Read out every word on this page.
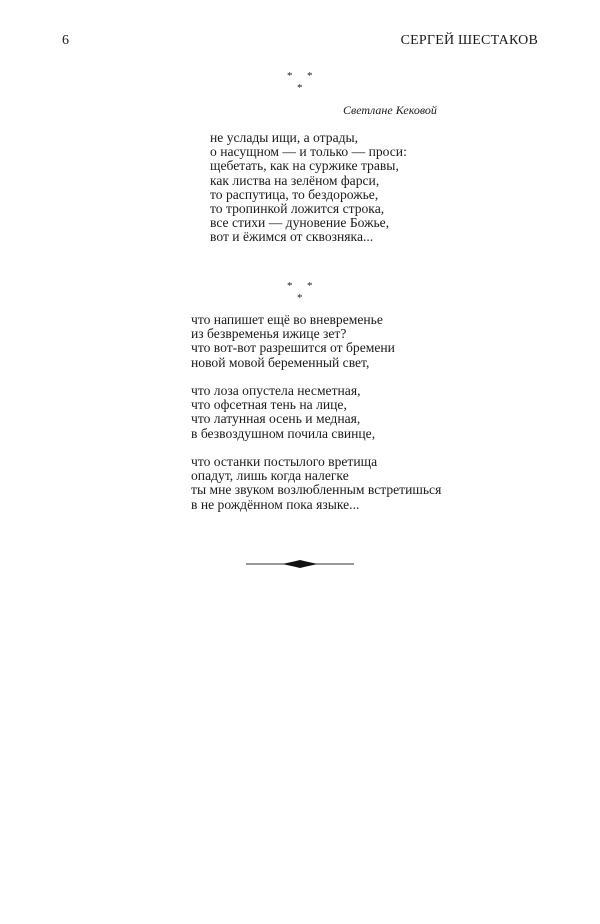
6	СЕРГЕЙ ШЕСТАКОВ
* *
*
Светлане Кековой
не услады ищи, а отрады,
о насущном — и только — проси:
щебетать, как на суржике травы,
как листва на зелёном фарси,
то распутица, то бездорожье,
то тропинкой ложится строка,
все стихи — дуновение Божье,
вот и ёжимся от сквозняка...
* *
*
что напишет ещё во вневременье
из безвременья ижице зет?
что вот-вот разрешится от бремени
новой мовой беременный свет,
что лоза опустела несметная,
что офсетная тень на лице,
что латунная осень и медная,
в безвоздушном почила свинце,
что останки постылого вретища
опадут, лишь когда налегке
ты мне звуком возлюбленным встретишься
в не рождённом пока языке...
